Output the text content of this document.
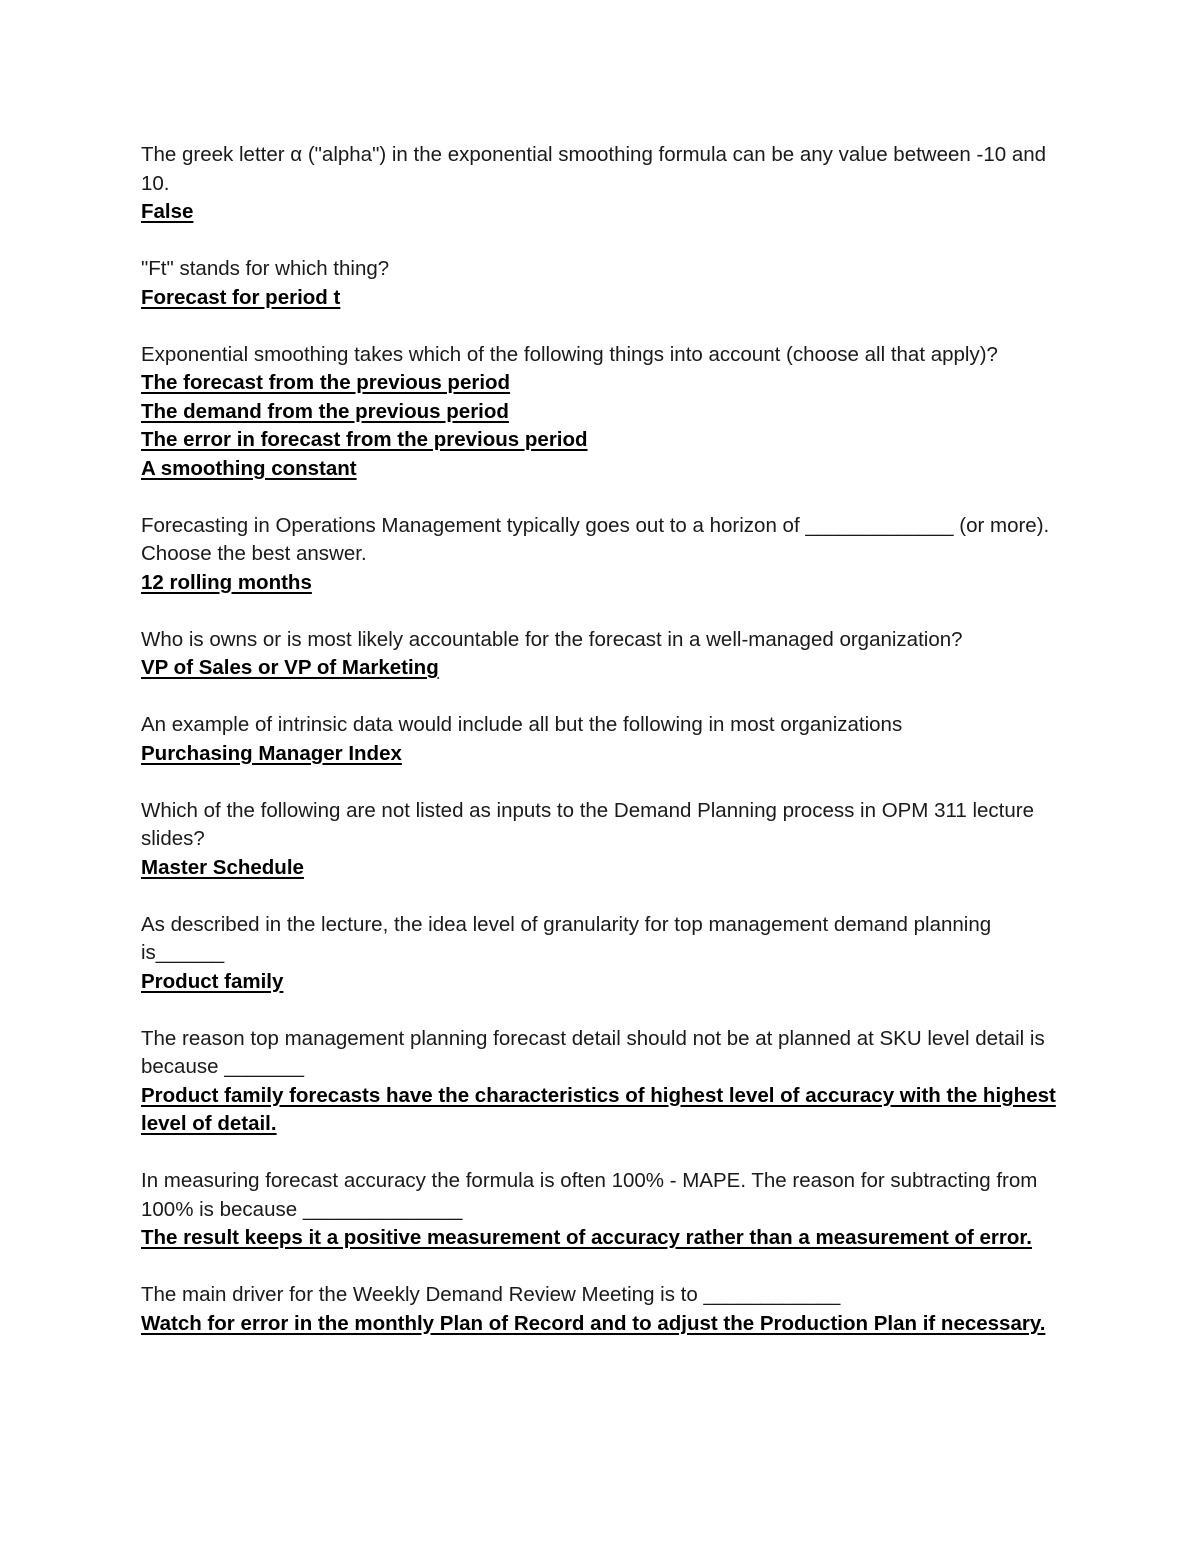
The greek letter α ("alpha") in the exponential smoothing formula can be any value between -10 and 10.

False

"Ft" stands for which thing?

Forecast for period t

Exponential smoothing takes which of the following things into account (choose all that apply)?

The forecast from the previous period

The demand from the previous period

The error in forecast from the previous period

A smoothing constant

Forecasting in Operations Management typically goes out to a horizon of _____________ (or more). Choose the best answer.

12 rolling months

Who is owns or is most likely accountable for the forecast in a well-managed organization?

VP of Sales or VP of Marketing

An example of intrinsic data would include all but the following in most organizations

Purchasing Manager Index

Which of the following are not listed as inputs to the Demand Planning process in OPM 311 lecture slides?

Master Schedule

As described in the lecture, the idea level of granularity for top management demand planning is______

Product family

The reason top management planning forecast detail should not be at planned at SKU level detail is because _______

Product family forecasts have the characteristics of highest level of accuracy with the highest level of detail.

In measuring forecast accuracy the formula is often 100% - MAPE. The reason for subtracting from 100% is because ______________

The result keeps it a positive measurement of accuracy rather than a measurement of error.

The main driver for the Weekly Demand Review Meeting is to ____________

Watch for error in the monthly Plan of Record and to adjust the Production Plan if necessary.
